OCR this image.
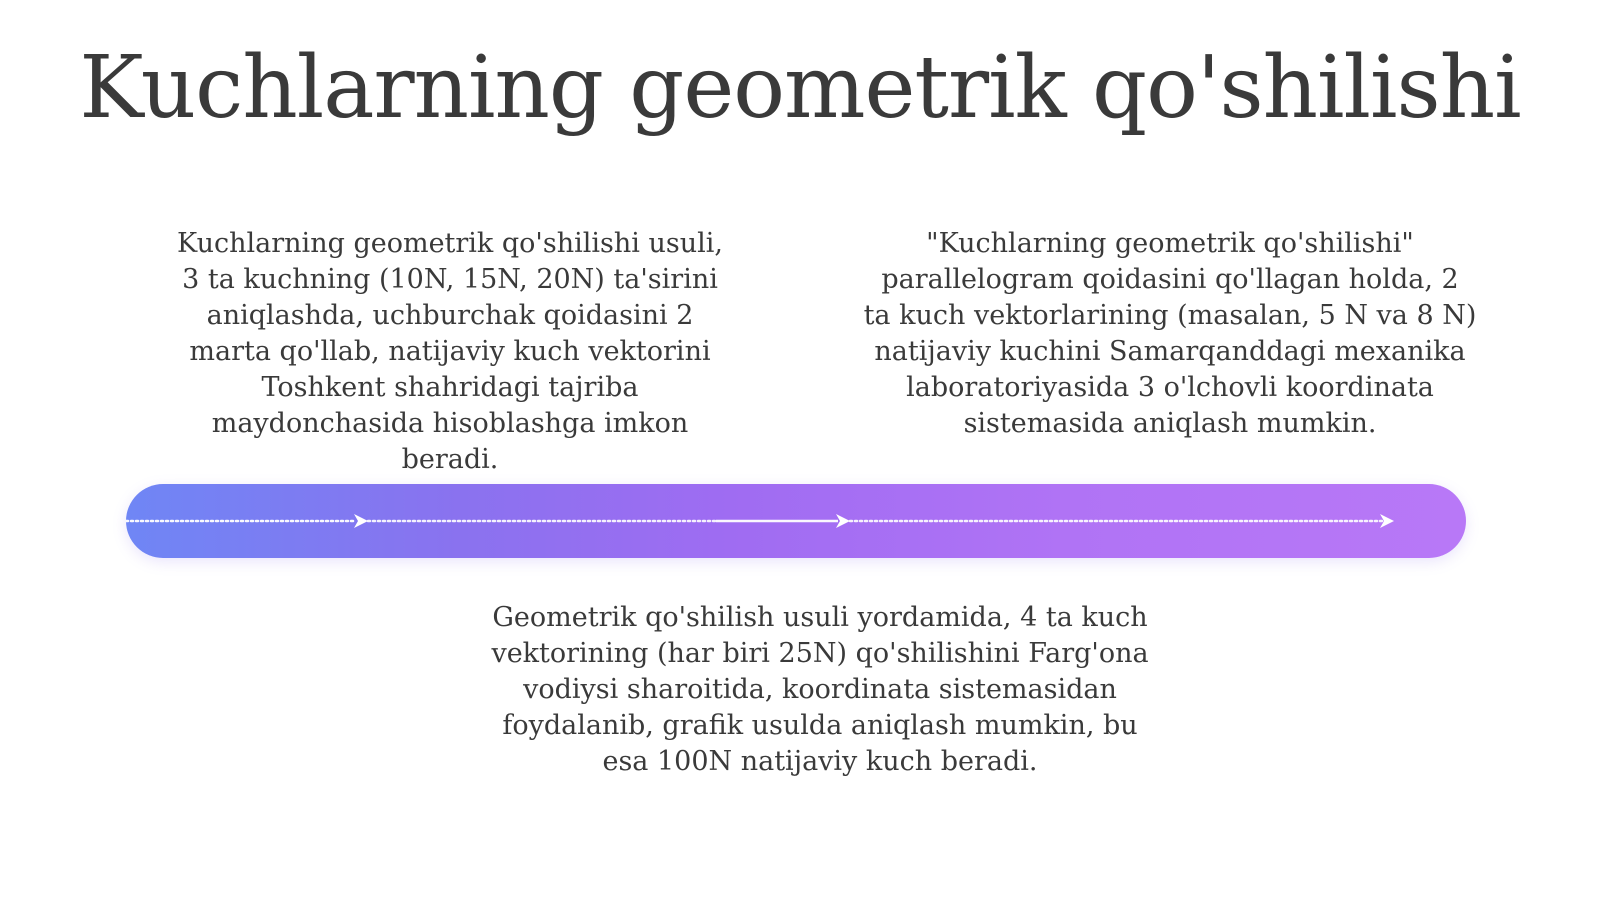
Kuchlarning geometrik qo'shilishi
Kuchlarning geometrik qo'shilishi usuli,
3 ta kuchning (10N, 15N, 20N) ta'sirini
aniqlashda, uchburchak qoidasini 2
marta qo'llab, natijaviy kuch vektorini
Toshkent shahridagi tajriba
maydonchasida hisoblashga imkon
beradi.
"Kuchlarning geometrik qo'shilishi"
parallelogram qoidasini qo'llagan holda, 2
ta kuch vektorlarining (masalan, 5 N va 8 N)
natijaviy kuchini Samarqanddagi mexanika
laboratoriyasida 3 o'lchovli koordinata
sistemasida aniqlash mumkin.
Geometrik qo'shilish usuli yordamida, 4 ta kuch
vektorining (har biri 25N) qo'shilishini Farg'ona
vodiysi sharoitida, koordinata sistemasidan
foydalanib, grafik usulda aniqlash mumkin, bu
esa 100N natijaviy kuch beradi.
